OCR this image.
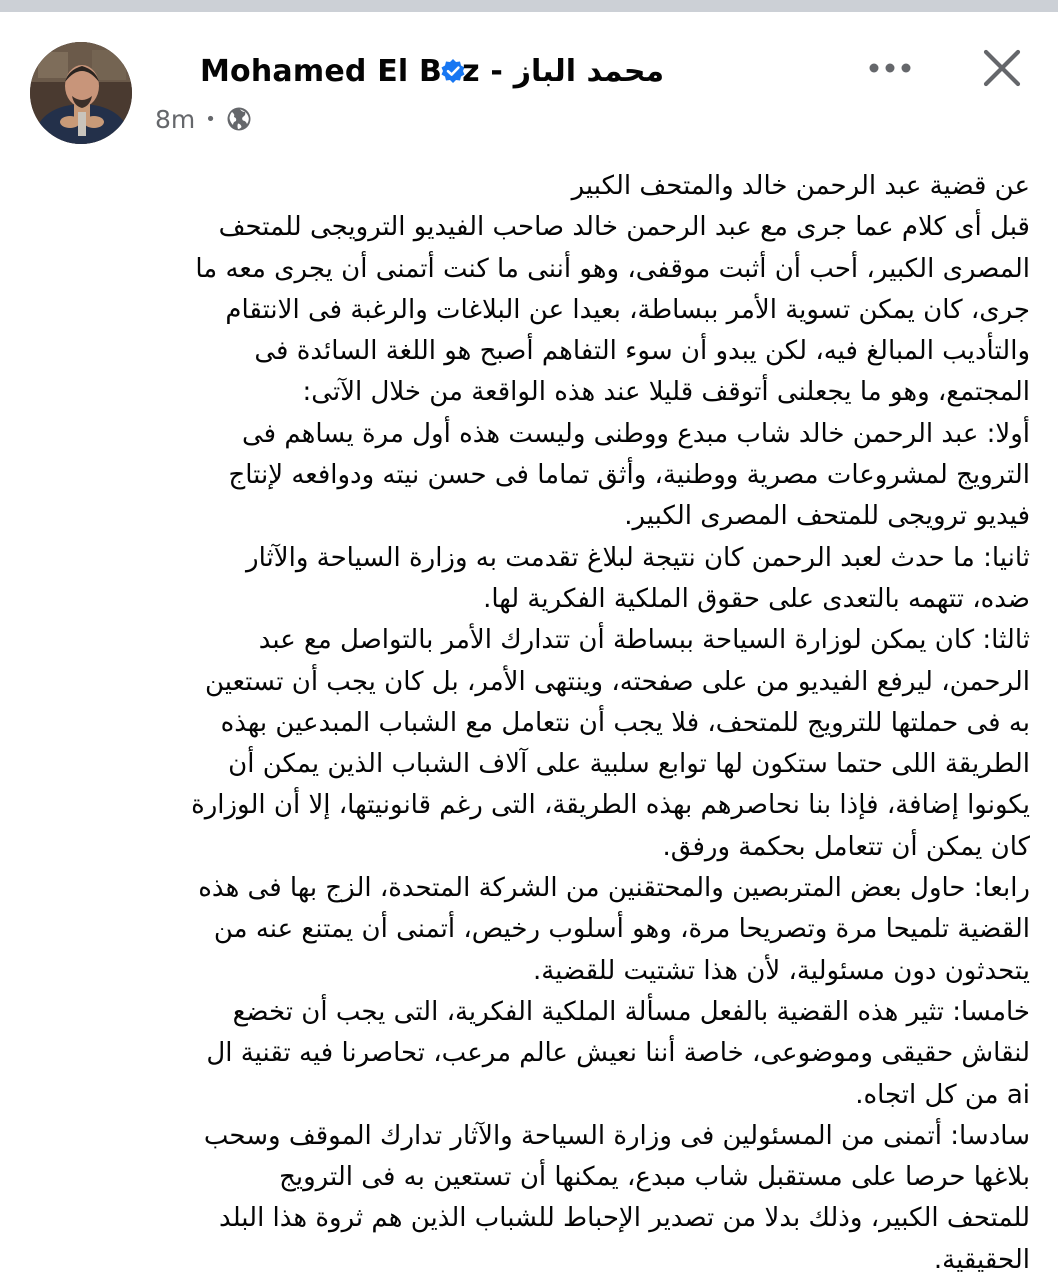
Mohamed El B z - محمد الباز
8m •
عن قضية عبد الرحمن خالد والمتحف الكبير
قبل أى كلام عما جرى مع عبد الرحمن خالد صاحب الفيديو الترويجى للمتحف
المصرى الكبير، أحب أن أثبت موقفى، وهو أننى ما كنت أتمنى أن يجرى معه ما
جرى، كان يمكن تسوية الأمر ببساطة، بعيدا عن البلاغات والرغبة فى الانتقام
والتأديب المبالغ فيه، لكن يبدو أن سوء التفاهم أصبح هو اللغة السائدة فى
المجتمع، وهو ما يجعلنى أتوقف قليلا عند هذه الواقعة من خلال الآتى:
أولا: عبد الرحمن خالد شاب مبدع ووطنى وليست هذه أول مرة يساهم فى
الترويج لمشروعات مصرية ووطنية، وأثق تماما فى حسن نيته ودوافعه لإنتاج
فيديو ترويجى للمتحف المصرى الكبير.
ثانيا: ما حدث لعبد الرحمن كان نتيجة لبلاغ تقدمت به وزارة السياحة والآثار
ضده، تتهمه بالتعدى على حقوق الملكية الفكرية لها.
ثالثا: كان يمكن لوزارة السياحة ببساطة أن تتدارك الأمر بالتواصل مع عبد
الرحمن، ليرفع الفيديو من على صفحته، وينتهى الأمر، بل كان يجب أن تستعين
به فى حملتها للترويج للمتحف، فلا يجب أن نتعامل مع الشباب المبدعين بهذه
الطريقة اللى حتما ستكون لها توابع سلبية على آلاف الشباب الذين يمكن أن
يكونوا إضافة، فإذا بنا نحاصرهم بهذه الطريقة، التى رغم قانونيتها، إلا أن الوزارة
كان يمكن أن تتعامل بحكمة ورفق.
رابعا: حاول بعض المتربصين والمحتقنين من الشركة المتحدة، الزج بها فى هذه
القضية تلميحا مرة وتصريحا مرة، وهو أسلوب رخيص، أتمنى أن يمتنع عنه من
يتحدثون دون مسئولية، لأن هذا تشتيت للقضية.
خامسا: تثير هذه القضية بالفعل مسألة الملكية الفكرية، التى يجب أن تخضع
لنقاش حقيقى وموضوعى، خاصة أننا نعيش عالم مرعب، تحاصرنا فيه تقنية ال
ai من كل اتجاه.
سادسا: أتمنى من المسئولين فى وزارة السياحة والآثار تدارك الموقف وسحب
بلاغها حرصا على مستقبل شاب مبدع، يمكنها أن تستعين به فى الترويج
للمتحف الكبير، وذلك بدلا من تصدير الإحباط للشباب الذين هم ثروة هذا البلد
الحقيقية.
